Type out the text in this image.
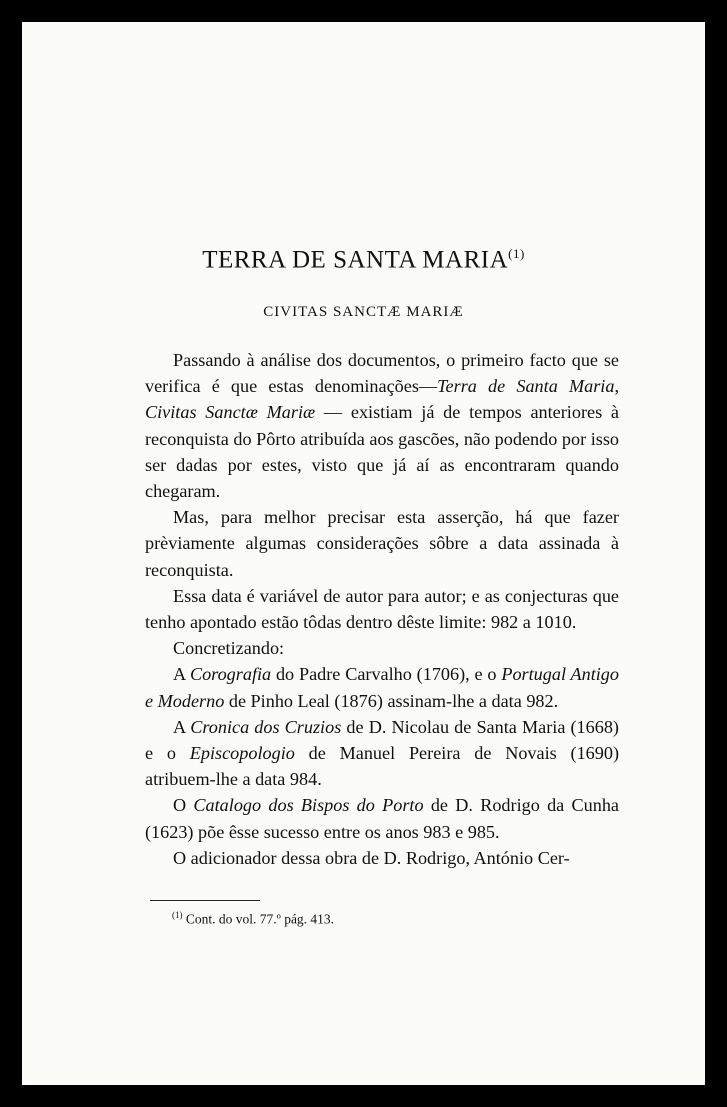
TERRA DE SANTA MARIA$^{(1)}$
CIVITAS SANCTÆ MARIÆ

Passando à análise dos documentos, o primeiro facto que se verifica é que estas denominações—Terra de Santa Maria, Civitas Sanctæ Mariæ — existiam já de tempos anteriores à reconquista do Pôrto atribuída aos gascões, não podendo por isso ser dadas por estes, visto que já aí as encontraram quando chegaram.

Mas, para melhor precisar esta asserção, há que fazer prèviamente algumas considerações sôbre a data assinada à reconquista.

Essa data é variável de autor para autor; e as conjecturas que tenho apontado estão tôdas dentro dêste limite: 982 a 1010.

Concretizando:

A Corografia do Padre Carvalho (1706), e o Portugal Antigo e Moderno de Pinho Leal (1876) assinam-lhe a data 982.

A Cronica dos Cruzios de D. Nicolau de Santa Maria (1668) e o Episcopologio de Manuel Pereira de Novais (1690) atribuem-lhe a data 984.

O Catalogo dos Bispos do Porto de D. Rodrigo da Cunha (1623) põe êsse sucesso entre os anos 983 e 985.

O adicionador dessa obra de D. Rodrigo, António Cer-

$^{(1)}$ Cont. do vol. 77.º pág. 413.
